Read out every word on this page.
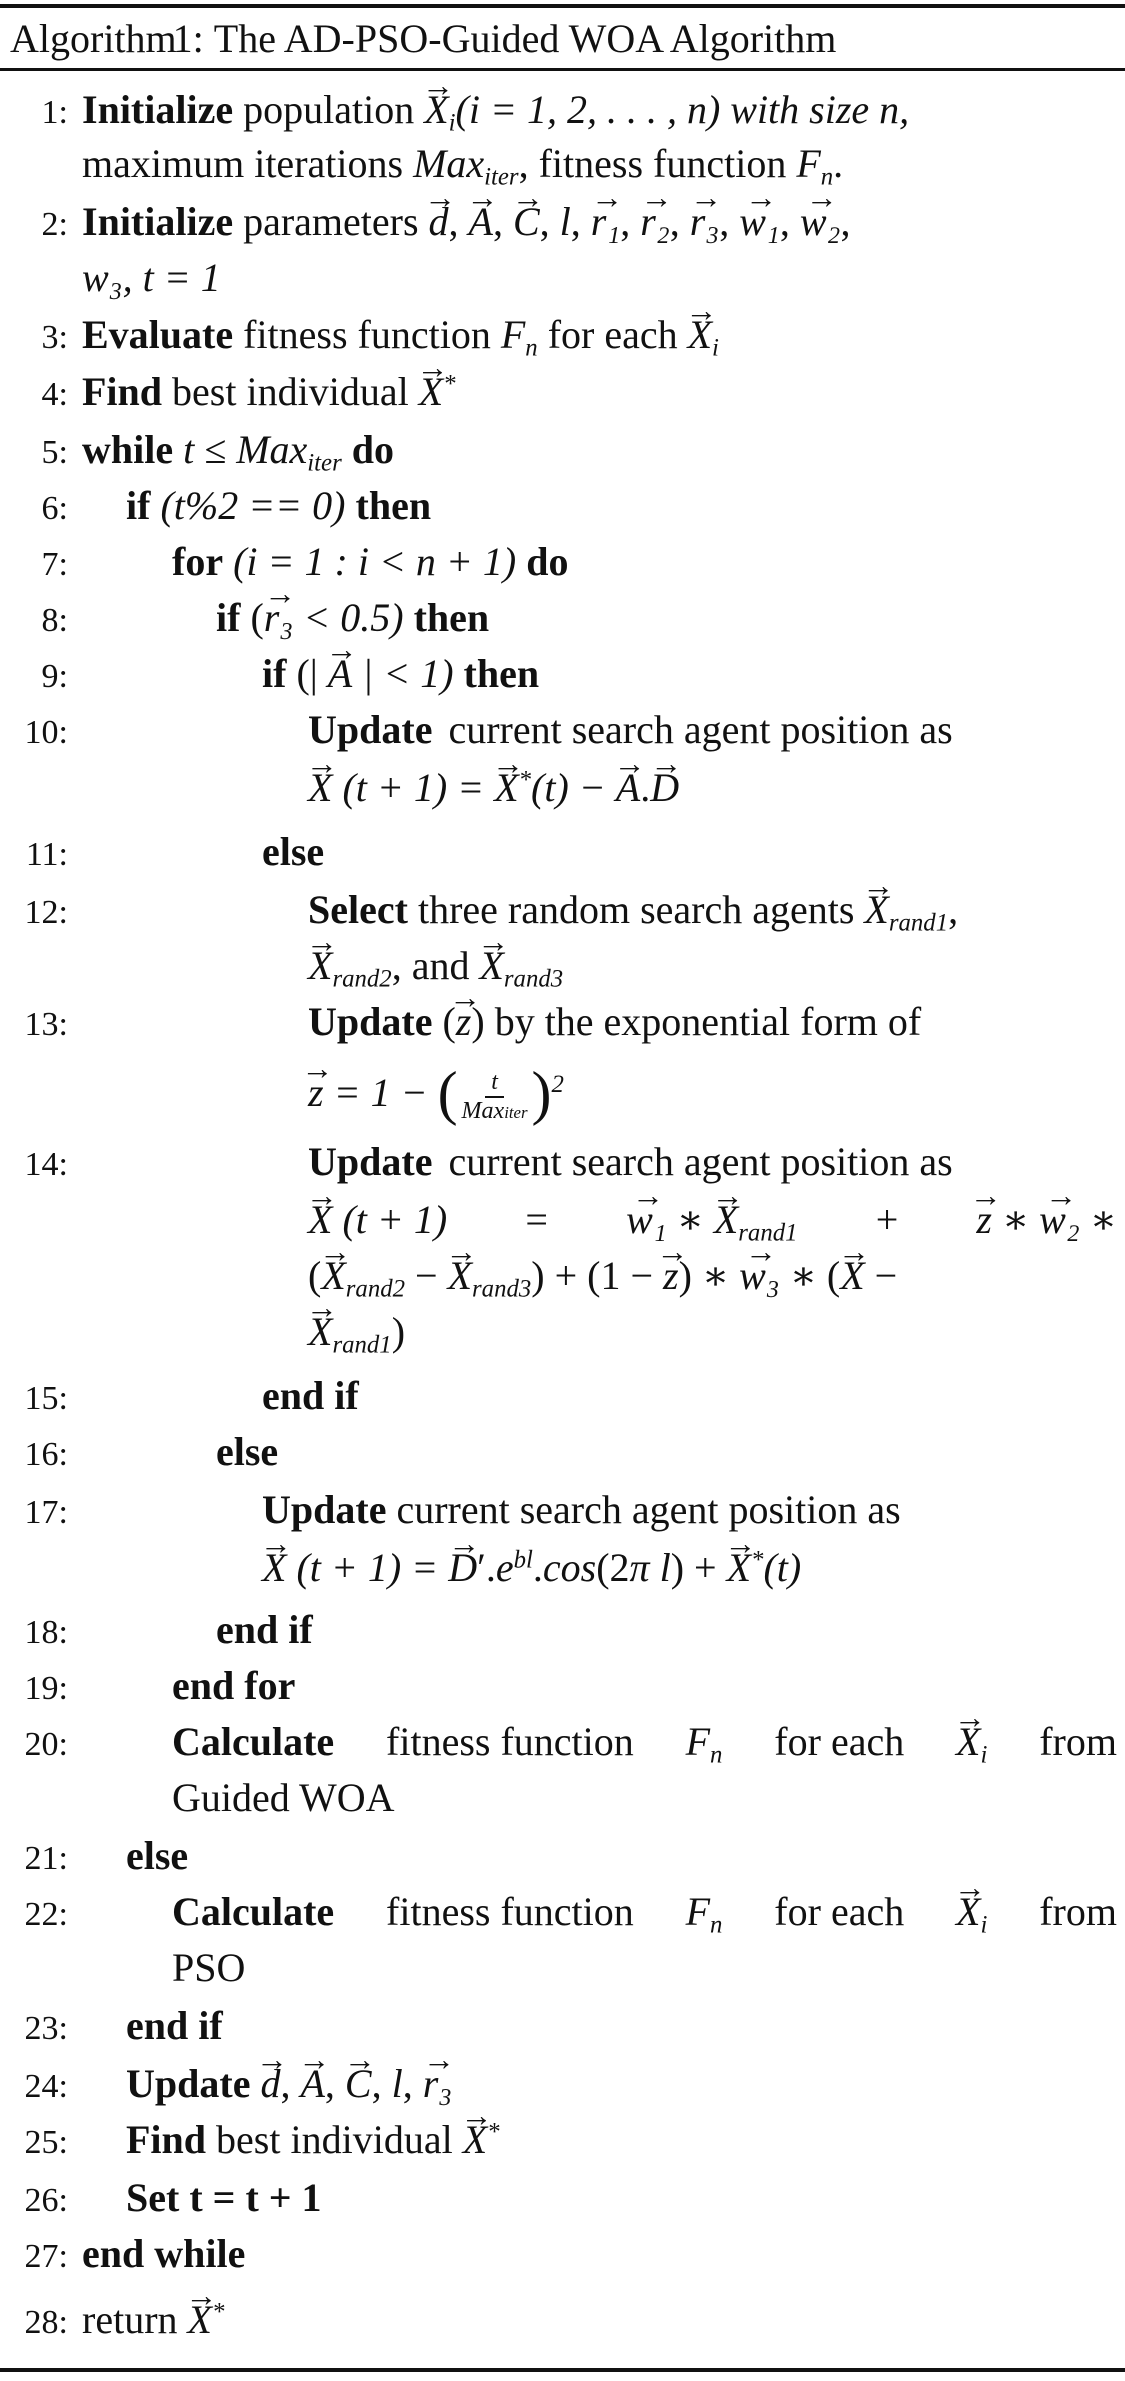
Algorithm
1:
The AD-PSO-Guided WOA Algorithm
1: Initialize population → $X_i(i = 1$, 2, . . . , n) with size n,
maximum iterations Max$_{iter}$, fitness function $F_n$.
2: Initialize parameters → d, → A, → C, l, → r₁, → r₂, → r₃, → w₁, → w₂,
w₃, t = 1
3: Evaluate fitness function $F_n$ for each → $X_i$
4: Find best individual → X*
5: while t ≤ Max$_{iter}$ do
6:	if (t%2 == 0) then
7:	for (i = 1 : i < n + 1) do
8:	if (→ r₃ < 0.5) then
9:	if (| → A | < 1) then
10:	Update current search agent position as
→ X (t + 1) = → X*(t) − → A.→ D
11:	else
12:	Select three random search agents → $X_{rand1}$,
→ $X_{rand2}$, and → $X_{rand3}$
13:	Update (→ z) by the exponential form of
→ z = 1 − ( $\frac{t}{\text{Maxiter}} )^2$
14:	Update current search agent position as
→ X (t + 1) = → w₁ ∗ → $X_{rand1}$ + → z ∗ → w₂ ∗
(→ $X_{rand2}$ − → $X_{rand3}) + (1$ − → z) ∗ → w₃ ∗ (→ X −
→ $X_{rand1}$)
15:	end if
16:	else
17:	Update current search agent position as
→ X (t + 1) = → $D'.e^{bl}.\cos(2\pi$ l) + → X*(t)
18:	end if
19:	end for
20:	Calculate fitness function $F_n$ for each → $X_i$ from
Guided WOA
21:	else
22:	Calculate fitness function $F_n$ for each → $X_i$ from
PSO
23:	end if
24:	Update → d, → A, → C, l, → r₃
25:	Find best individual → X*
26:	Set t = t + 1
27: end while
28: return → X*
